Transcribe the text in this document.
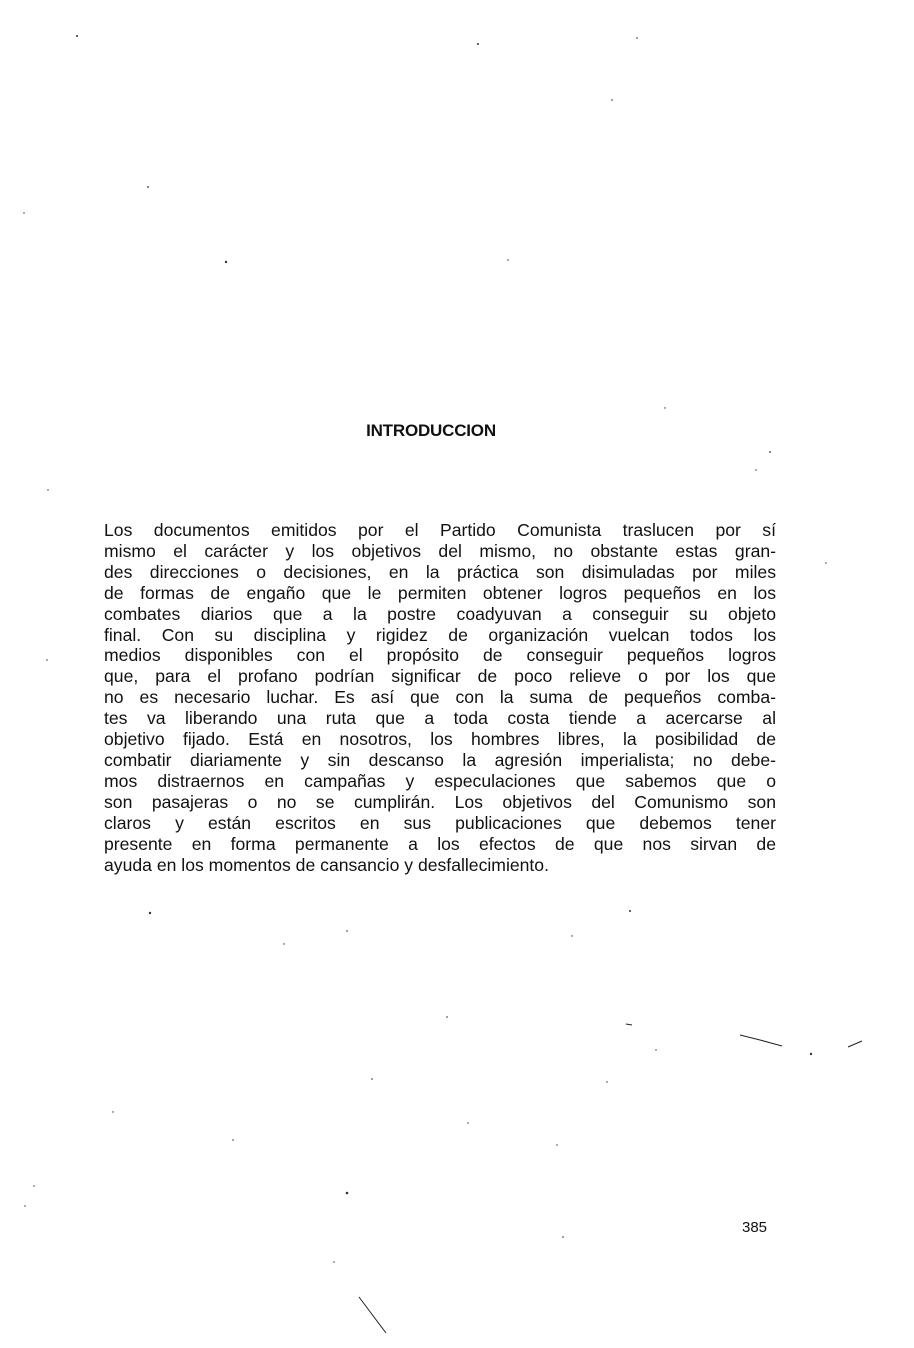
INTRODUCCION
Los documentos emitidos por el Partido Comunista traslucen por sí
mismo el carácter y los objetivos del mismo, no obstante estas gran-
des direcciones o decisiones, en la práctica son disimuladas por miles
de formas de engaño que le permiten obtener logros pequeños en los
combates diarios que a la postre coadyuvan a conseguir su objeto
final. Con su disciplina y rigidez de organización vuelcan todos los
medios disponibles con el propósito de conseguir pequeños logros
que, para el profano podrían significar de poco relieve o por los que
no es necesario luchar. Es así que con la suma de pequeños comba-
tes va liberando una ruta que a toda costa tiende a acercarse al
objetivo fijado. Está en nosotros, los hombres libres, la posibilidad de
combatir diariamente y sin descanso la agresión imperialista; no debe-
mos distraernos en campañas y especulaciones que sabemos que o
son pasajeras o no se cumplirán. Los objetivos del Comunismo son
claros y están escritos en sus publicaciones que debemos tener
presente en forma permanente a los efectos de que nos sirvan de
ayuda en los momentos de cansancio y desfallecimiento.
385
